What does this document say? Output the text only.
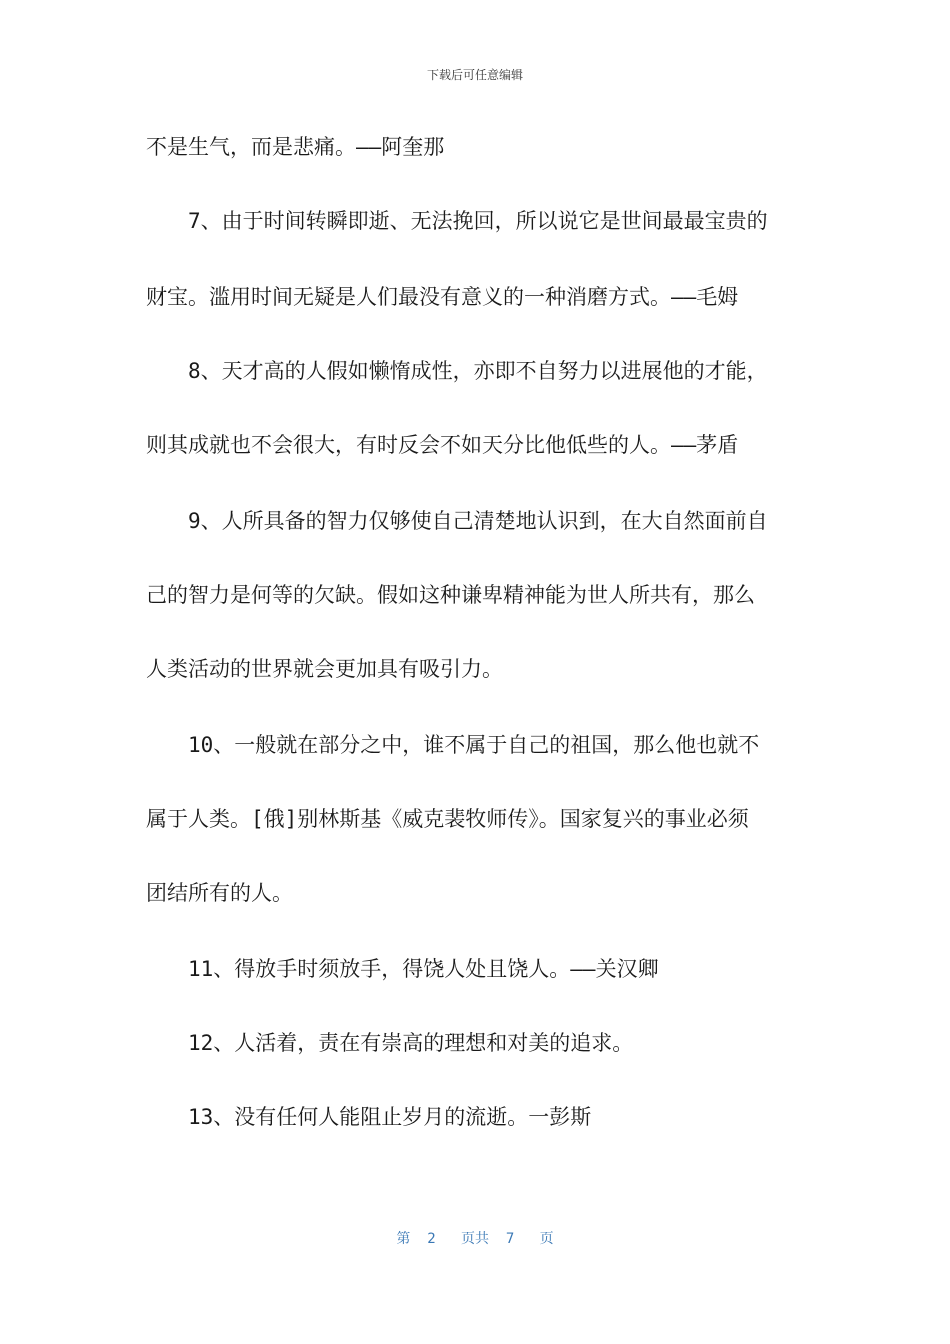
下载后可任意编辑
不是生气，而是悲痛。——阿奎那
　　7、由于时间转瞬即逝、无法挽回，所以说它是世间最最宝贵的
财宝。滥用时间无疑是人们最没有意义的一种消磨方式。——毛姆
　　8、天才高的人假如懒惰成性，亦即不自努力以进展他的才能，
则其成就也不会很大，有时反会不如天分比他低些的人。——茅盾
　　9、人所具备的智力仅够使自己清楚地认识到，在大自然面前自
己的智力是何等的欠缺。假如这种谦卑精神能为世人所共有，那么
人类活动的世界就会更加具有吸引力。
　　10、一般就在部分之中，谁不属于自己的祖国，那么他也就不
属于人类。[俄]别林斯基《威克裴牧师传》。国家复兴的事业必须
团结所有的人。
　　11、得放手时须放手，得饶人处且饶人。——关汉卿
　　12、人活着，责在有崇高的理想和对美的追求。
　　13、没有任何人能阻止岁月的流逝。一彭斯
第  2   页共  7   页
